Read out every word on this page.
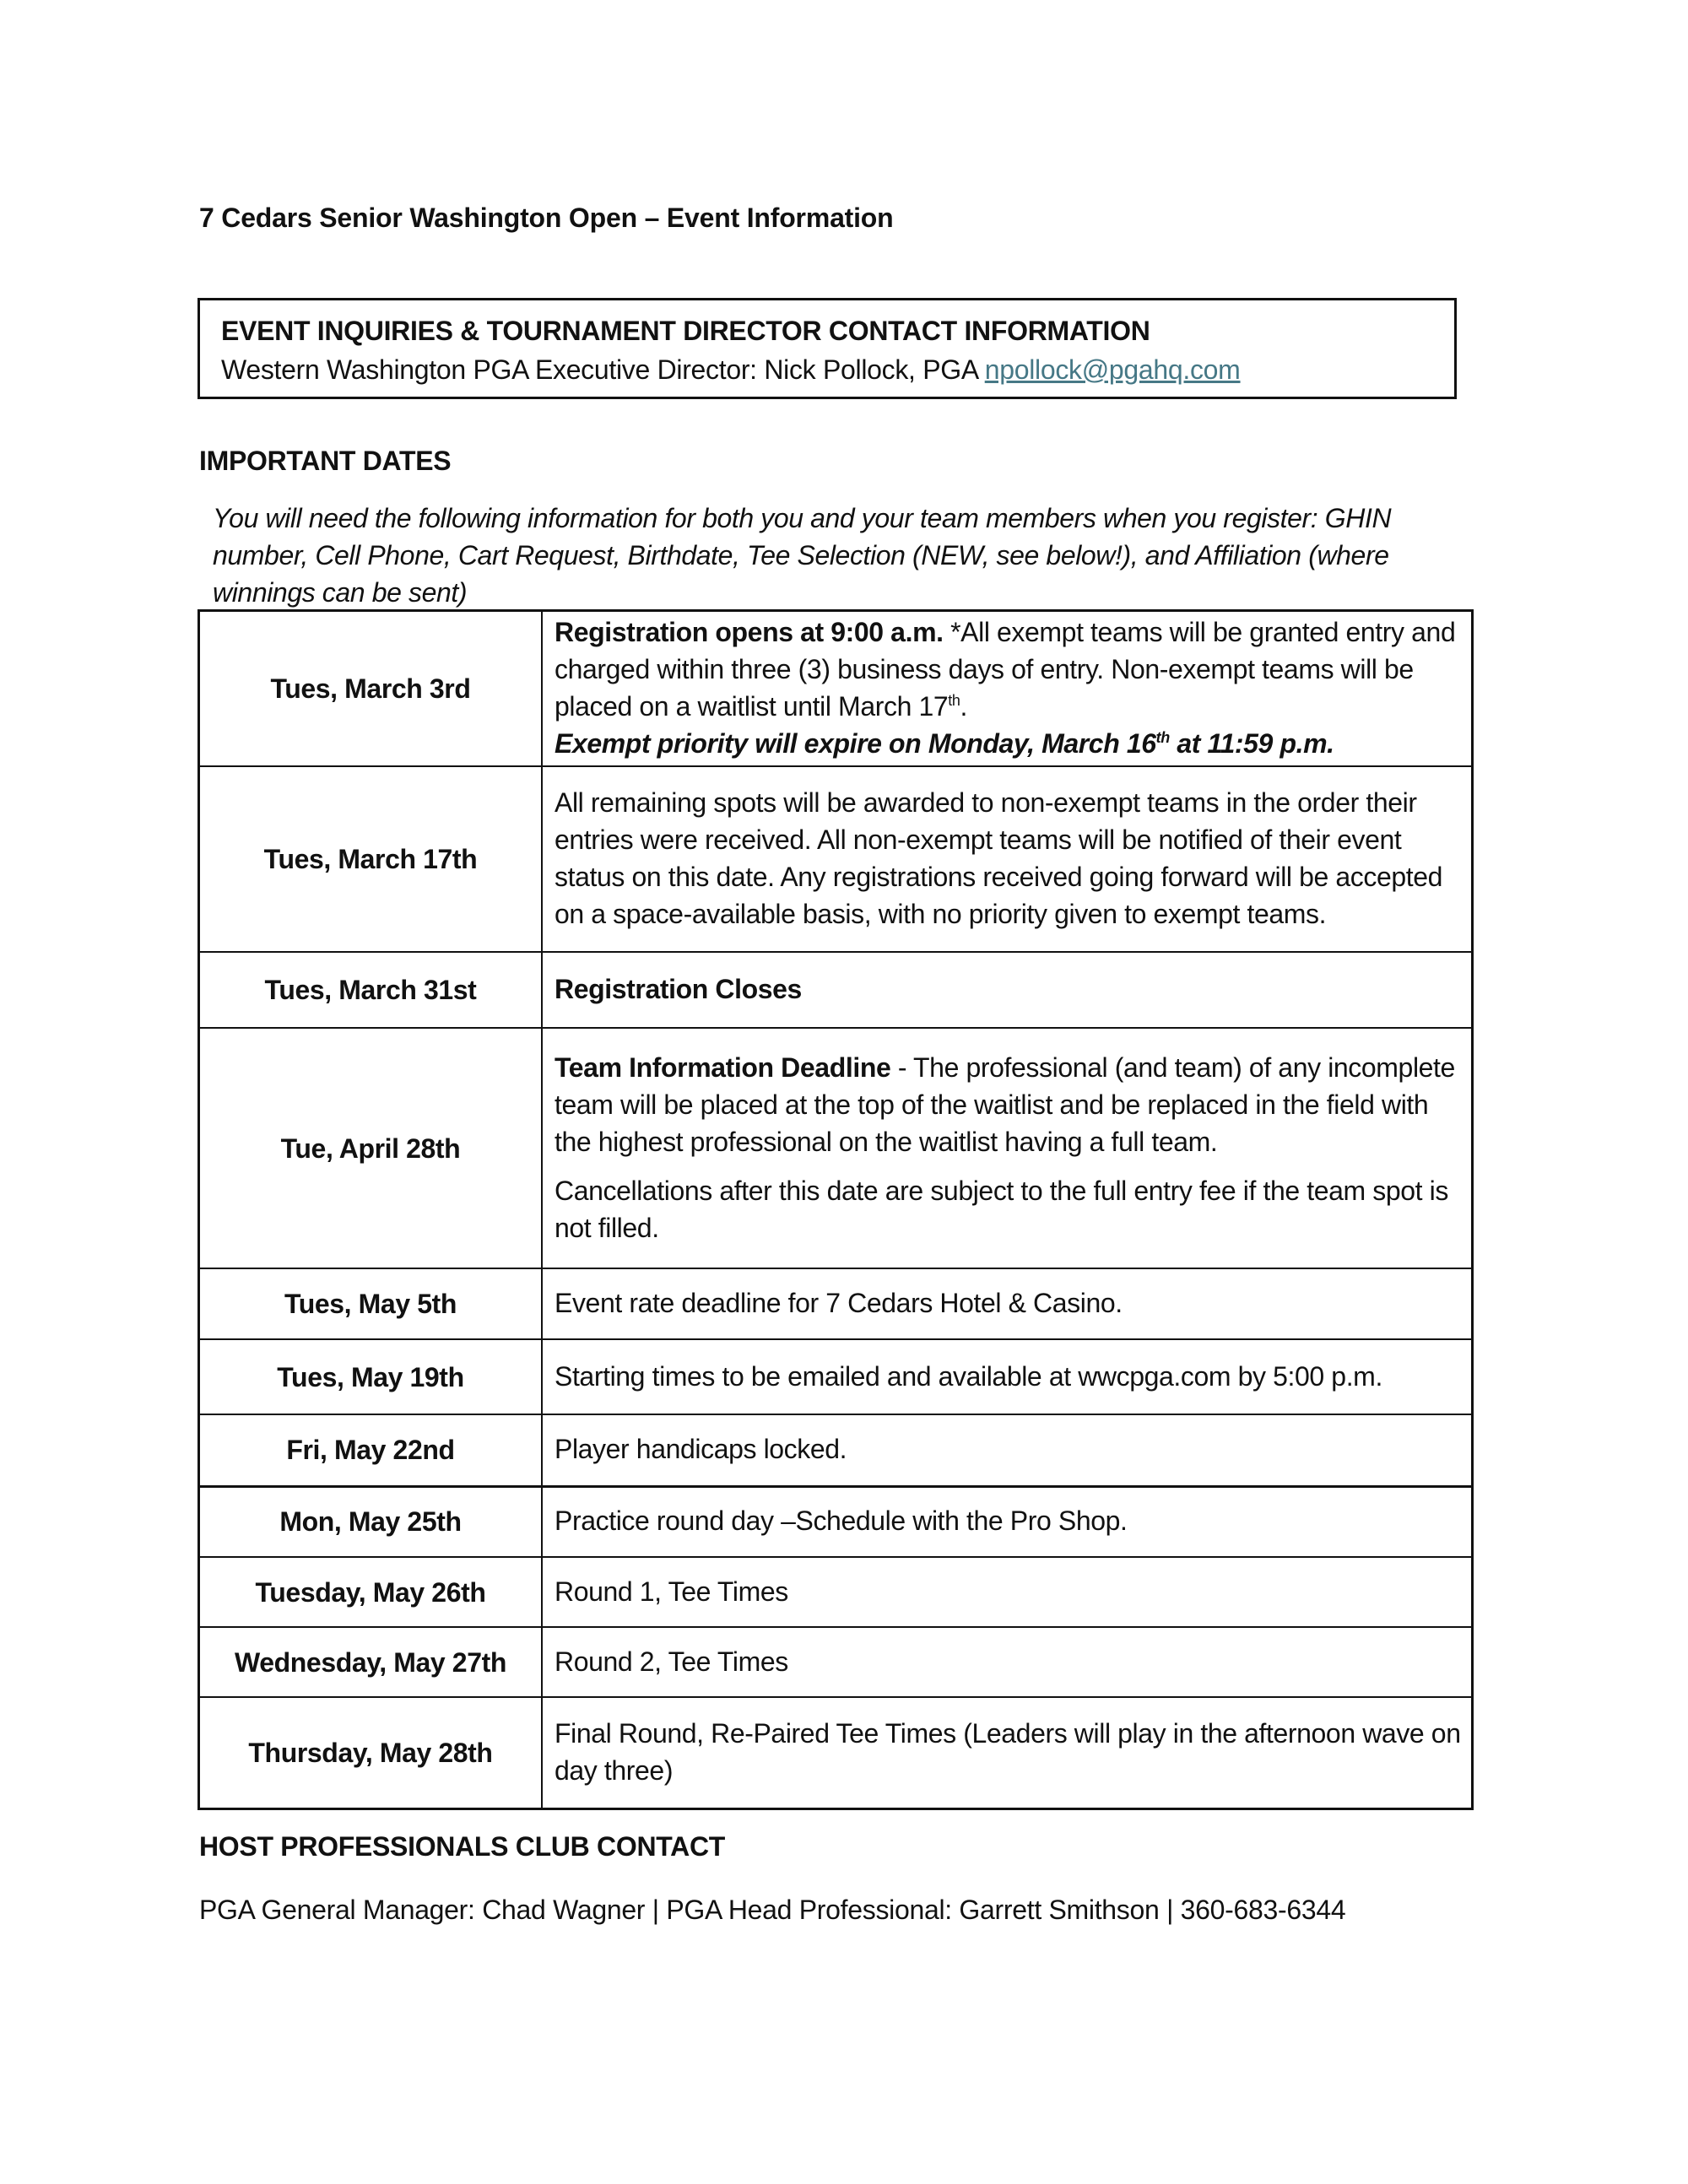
7 Cedars Senior Washington Open – Event Information
EVENT INQUIRIES & TOURNAMENT DIRECTOR CONTACT INFORMATION
Western Washington PGA Executive Director: Nick Pollock, PGA npollock@pgahq.com
IMPORTANT DATES
You will need the following information for both you and your team members when you register: GHIN number, Cell Phone, Cart Request, Birthdate, Tee Selection (NEW, see below!), and Affiliation (where winnings can be sent)
Tues, March 3rd	Registration opens at 9:00 a.m. *All exempt teams will be granted entry and charged within three (3) business days of entry. Non-exempt teams will be placed on a waitlist until March 17th.
Exempt priority will expire on Monday, March 16th at 11:59 p.m.
Tues, March 17th	All remaining spots will be awarded to non-exempt teams in the order their entries were received. All non-exempt teams will be notified of their event status on this date. Any registrations received going forward will be accepted on a space-available basis, with no priority given to exempt teams.
Tues, March 31st	Registration Closes
Tue, April 28th	Team Information Deadline - The professional (and team) of any incomplete team will be placed at the top of the waitlist and be replaced in the field with the highest professional on the waitlist having a full team.
Cancellations after this date are subject to the full entry fee if the team spot is not filled.

Tues, May 5th	Event rate deadline for 7 Cedars Hotel & Casino.
Tues, May 19th	Starting times to be emailed and available at wwcpga.com by 5:00 p.m.
Fri, May 22nd	Player handicaps locked.
Mon, May 25th	Practice round day –Schedule with the Pro Shop.
Tuesday, May 26th	Round 1, Tee Times
Wednesday, May 27th	Round 2, Tee Times
Thursday, May 28th	Final Round, Re-Paired Tee Times (Leaders will play in the afternoon wave on day three)
HOST PROFESSIONALS CLUB CONTACT
PGA General Manager: Chad Wagner | PGA Head Professional: Garrett Smithson | 360-683-6344
